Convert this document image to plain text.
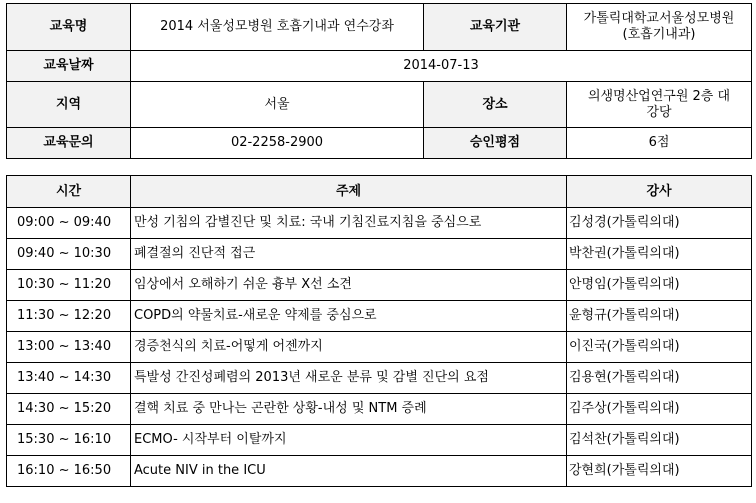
교육명	2014 서울성모병원 호흡기내과 연수강좌	교육기관	가톨릭대학교서울성모병원
(호흡기내과)

교육날짜	2014-07-13		
지역	서울	장소	의생명산업연구원 2층 대
강당

교육문의	02-2258-2900	승인평점	6점
시간	주제	강사
09:00 ~ 09:40	만성 기침의 감별진단 및 치료: 국내 기침진료지침을 중심으로	김성경(가톨릭의대)
09:40 ~ 10:30	폐결절의 진단적 접근	박찬권(가톨릭의대)
10:30 ~ 11:20	임상에서 오해하기 쉬운 흉부 X선 소견	안명임(가톨릭의대)
11:30 ~ 12:20	COPD의 약물치료-새로운 약제를 중심으로	윤형규(가톨릭의대)
13:00 ~ 13:40	경증천식의 치료-어떻게 어젠까지	이진국(가톨릭의대)
13:40 ~ 14:30	특발성 간진성폐렴의 2013년 새로운 분류 및 감별 진단의 요점	김용현(가톨릭의대)
14:30 ~ 15:20	결핵 치료 중 만나는 곤란한 상황-내성 및 NTM 증례	김주상(가톨릭의대)
15:30 ~ 16:10	ECMO- 시작부터 이탈까지	김석찬(가톨릭의대)
16:10 ~ 16:50	Acute NIV in the ICU	강현희(가톨릭의대)
